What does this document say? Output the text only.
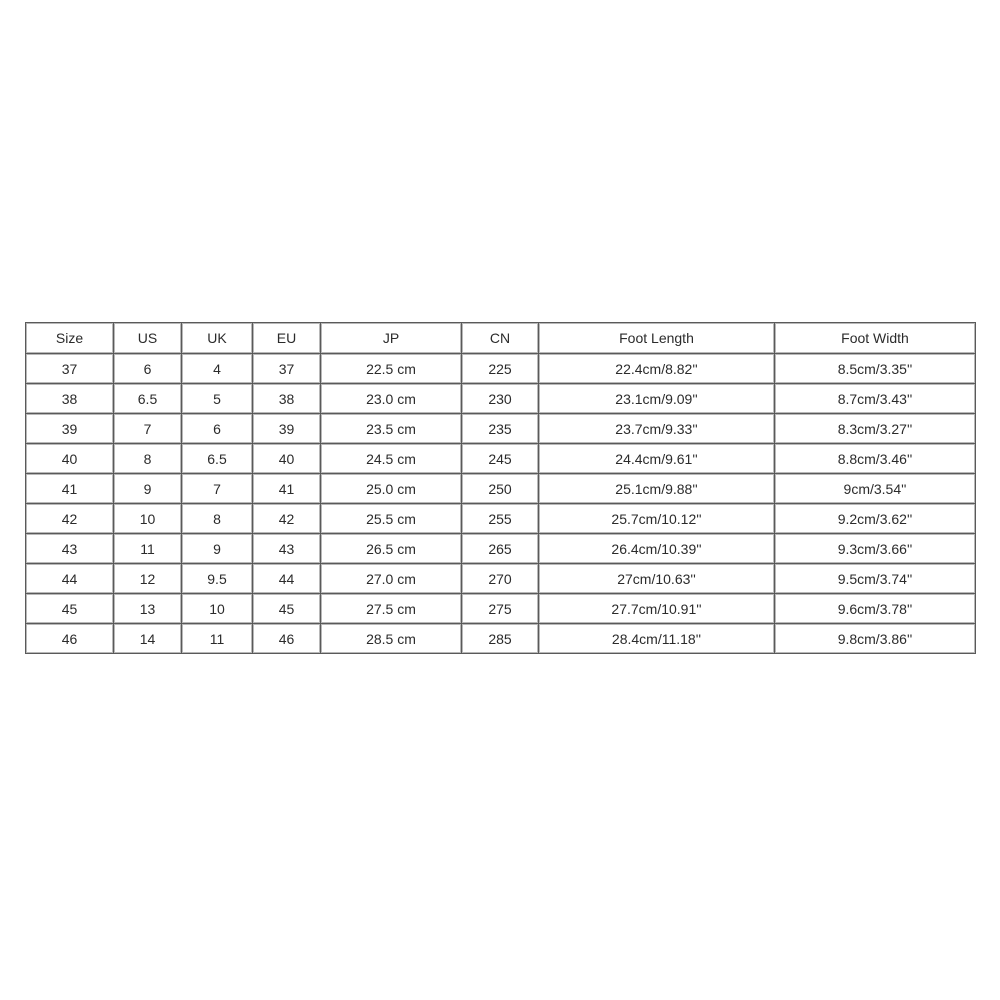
Size	US	UK	EU	JP	CN	Foot Length	Foot Width
37	6	4	37	22.5 cm	225	22.4cm/8.82''	8.5cm/3.35''
38	6.5	5	38	23.0 cm	230	23.1cm/9.09''	8.7cm/3.43''
39	7	6	39	23.5 cm	235	23.7cm/9.33''	8.3cm/3.27''
40	8	6.5	40	24.5 cm	245	24.4cm/9.61''	8.8cm/3.46''
41	9	7	41	25.0 cm	250	25.1cm/9.88''	9cm/3.54''
42	10	8	42	25.5 cm	255	25.7cm/10.12''	9.2cm/3.62''
43	11	9	43	26.5 cm	265	26.4cm/10.39''	9.3cm/3.66''
44	12	9.5	44	27.0 cm	270	27cm/10.63''	9.5cm/3.74''
45	13	10	45	27.5 cm	275	27.7cm/10.91''	9.6cm/3.78''
46	14	11	46	28.5 cm	285	28.4cm/11.18''	9.8cm/3.86''
